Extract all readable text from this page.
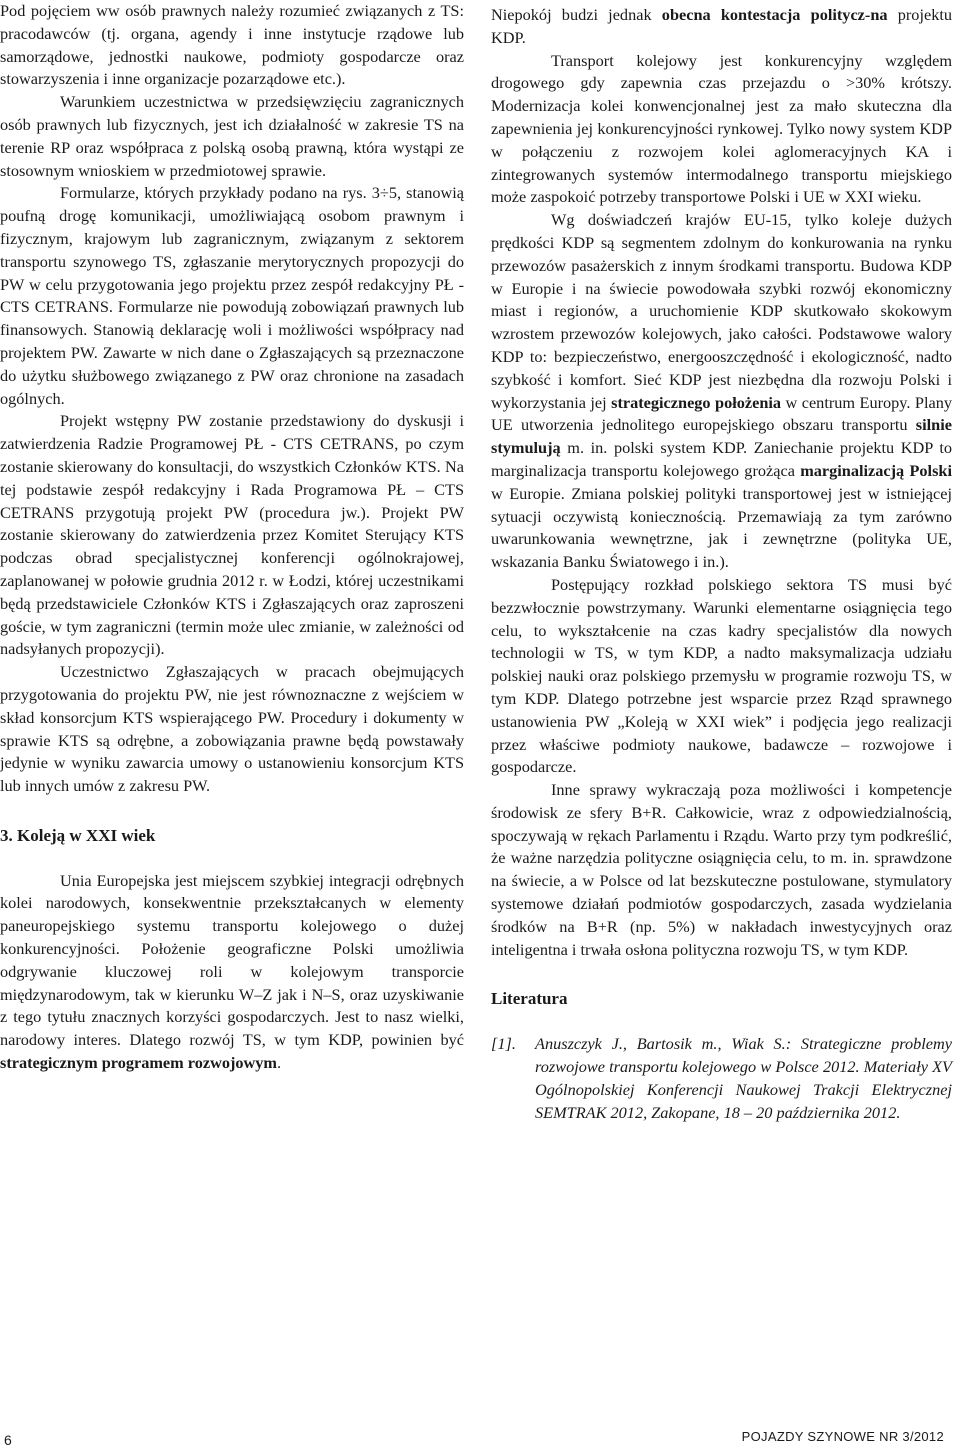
Pod pojęciem ww osób prawnych należy rozumieć związanych z TS: pracodawców (tj. organa, agendy i inne instytucje rządowe lub samorządowe, jednostki naukowe, podmioty gospodarcze oraz stowarzyszenia i inne organizacje pozarządowe etc.).

Warunkiem uczestnictwa w przedsięwzięciu zagranicznych osób prawnych lub fizycznych, jest ich działalność w zakresie TS na terenie RP oraz współpraca z polską osobą prawną, która wystąpi ze stosownym wnioskiem w przedmiotowej sprawie.

Formularze, których przykłady podano na rys. 3÷5, stanowią poufną drogę komunikacji, umożliwiającą osobom prawnym i fizycznym, krajowym lub zagranicznym, związanym z sektorem transportu szynowego TS, zgłaszanie merytorycznych propozycji do PW w celu przygotowania jego projektu przez zespół redakcyjny PŁ - CTS CETRANS. Formularze nie powodują zobowiązań prawnych lub finansowych. Stanowią deklarację woli i możliwości współpracy nad projektem PW. Zawarte w nich dane o Zgłaszających są przeznaczone do użytku służbowego związanego z PW oraz chronione na zasadach ogólnych.

Projekt wstępny PW zostanie przedstawiony do dyskusji i zatwierdzenia Radzie Programowej PŁ - CTS CETRANS, po czym zostanie skierowany do konsultacji, do wszystkich Członków KTS. Na tej podstawie zespół redakcyjny i Rada Programowa PŁ – CTS CETRANS przygotują projekt PW (procedura jw.). Projekt PW zostanie skierowany do zatwierdzenia przez Komitet Sterujący KTS podczas obrad specjalistycznej konferencji ogólnokrajowej, zaplanowanej w połowie grudnia 2012 r. w Łodzi, której uczestnikami będą przedstawiciele Członków KTS i Zgłaszających oraz zaproszeni goście, w tym zagraniczni (termin może ulec zmianie, w zależności od nadsyłanych propozycji).

Uczestnictwo Zgłaszających w pracach obejmujących przygotowania do projektu PW, nie jest równoznaczne z wejściem w skład konsorcjum KTS wspierającego PW. Procedury i dokumenty w sprawie KTS są odrębne, a zobowiązania prawne będą powstawały jedynie w wyniku zawarcia umowy o ustanowieniu konsorcjum KTS lub innych umów z zakresu PW.

3. Koleją w XXI wiek

Unia Europejska jest miejscem szybkiej integracji odrębnych kolei narodowych, konsekwentnie przekształcanych w elementy paneuropejskiego systemu transportu kolejowego o dużej konkurencyjności. Położenie geograficzne Polski umożliwia odgrywanie kluczowej roli w kolejowym transporcie międzynarodowym, tak w kierunku W–Z jak i N–S, oraz uzyskiwanie z tego tytułu znacznych korzyści gospodarczych. Jest to nasz wielki, narodowy interes. Dlatego rozwój TS, w tym KDP, powinien być strategicznym programem rozwojowym.

Niepokój budzi jednak obecna kontestacja politycz-na projektu KDP.

Transport kolejowy jest konkurencyjny względem drogowego gdy zapewnia czas przejazdu o >30% krótszy. Modernizacja kolei konwencjonalnej jest za mało skuteczna dla zapewnienia jej konkurencyjności rynkowej. Tylko nowy system KDP w połączeniu z rozwojem kolei aglomeracyjnych KA i zintegrowanych systemów intermodalnego transportu miejskiego może zaspokoić potrzeby transportowe Polski i UE w XXI wieku.

Wg doświadczeń krajów EU-15, tylko koleje dużych prędkości KDP są segmentem zdolnym do konkurowania na rynku przewozów pasażerskich z innym środkami transportu. Budowa KDP w Europie i na świecie powodowała szybki rozwój ekonomiczny miast i regionów, a uruchomienie KDP skutkowało skokowym wzrostem przewozów kolejowych, jako całości. Podstawowe walory KDP to: bezpieczeństwo, energooszczędność i ekologiczność, nadto szybkość i komfort. Sieć KDP jest niezbędna dla rozwoju Polski i wykorzystania jej strategicznego położenia w centrum Europy. Plany UE utworzenia jednolitego europejskiego obszaru transportu silnie stymulują m. in. polski system KDP. Zaniechanie projektu KDP to marginalizacja transportu kolejowego grożąca marginalizacją Polski w Europie. Zmiana polskiej polityki transportowej jest w istniejącej sytuacji oczywistą koniecznością. Przemawiają za tym zarówno uwarunkowania wewnętrzne, jak i zewnętrzne (polityka UE, wskazania Banku Światowego i in.).

Postępujący rozkład polskiego sektora TS musi być bezzwłocznie powstrzymany. Warunki elementarne osiągnięcia tego celu, to wykształcenie na czas kadry specjalistów dla nowych technologii w TS, w tym KDP, a nadto maksymalizacja udziału polskiej nauki oraz polskiego przemysłu w programie rozwoju TS, w tym KDP. Dlatego potrzebne jest wsparcie przez Rząd sprawnego ustanowienia PW „Koleją w XXI wiek” i podjęcia jego realizacji przez właściwe podmioty naukowe, badawcze – rozwojowe i gospodarcze.

Inne sprawy wykraczają poza możliwości i kompetencje środowisk ze sfery B+R. Całkowicie, wraz z odpowiedzialnością, spoczywają w rękach Parlamentu i Rządu. Warto przy tym podkreślić, że ważne narzędzia polityczne osiągnięcia celu, to m. in. sprawdzone na świecie, a w Polsce od lat bezskuteczne postulowane, stymulatory systemowe działań podmiotów gospodarczych, zasada wydzielania środków na B+R (np. 5%) w nakładach inwestycyjnych oraz inteligentna i trwała osłona polityczna rozwoju TS, w tym KDP.

Literatura
[1].	Anuszczyk J., Bartosik m., Wiak S.: Strategiczne problemy rozwojowe transportu kolejowego w Polsce 2012. Materiały XV Ogólnopolskiej Konferencji Naukowej Trakcji Elektrycznej SEMTRAK 2012, Zakopane, 18 – 20 października 2012.
6	POJAZDY SZYNOWE NR 3/2012
